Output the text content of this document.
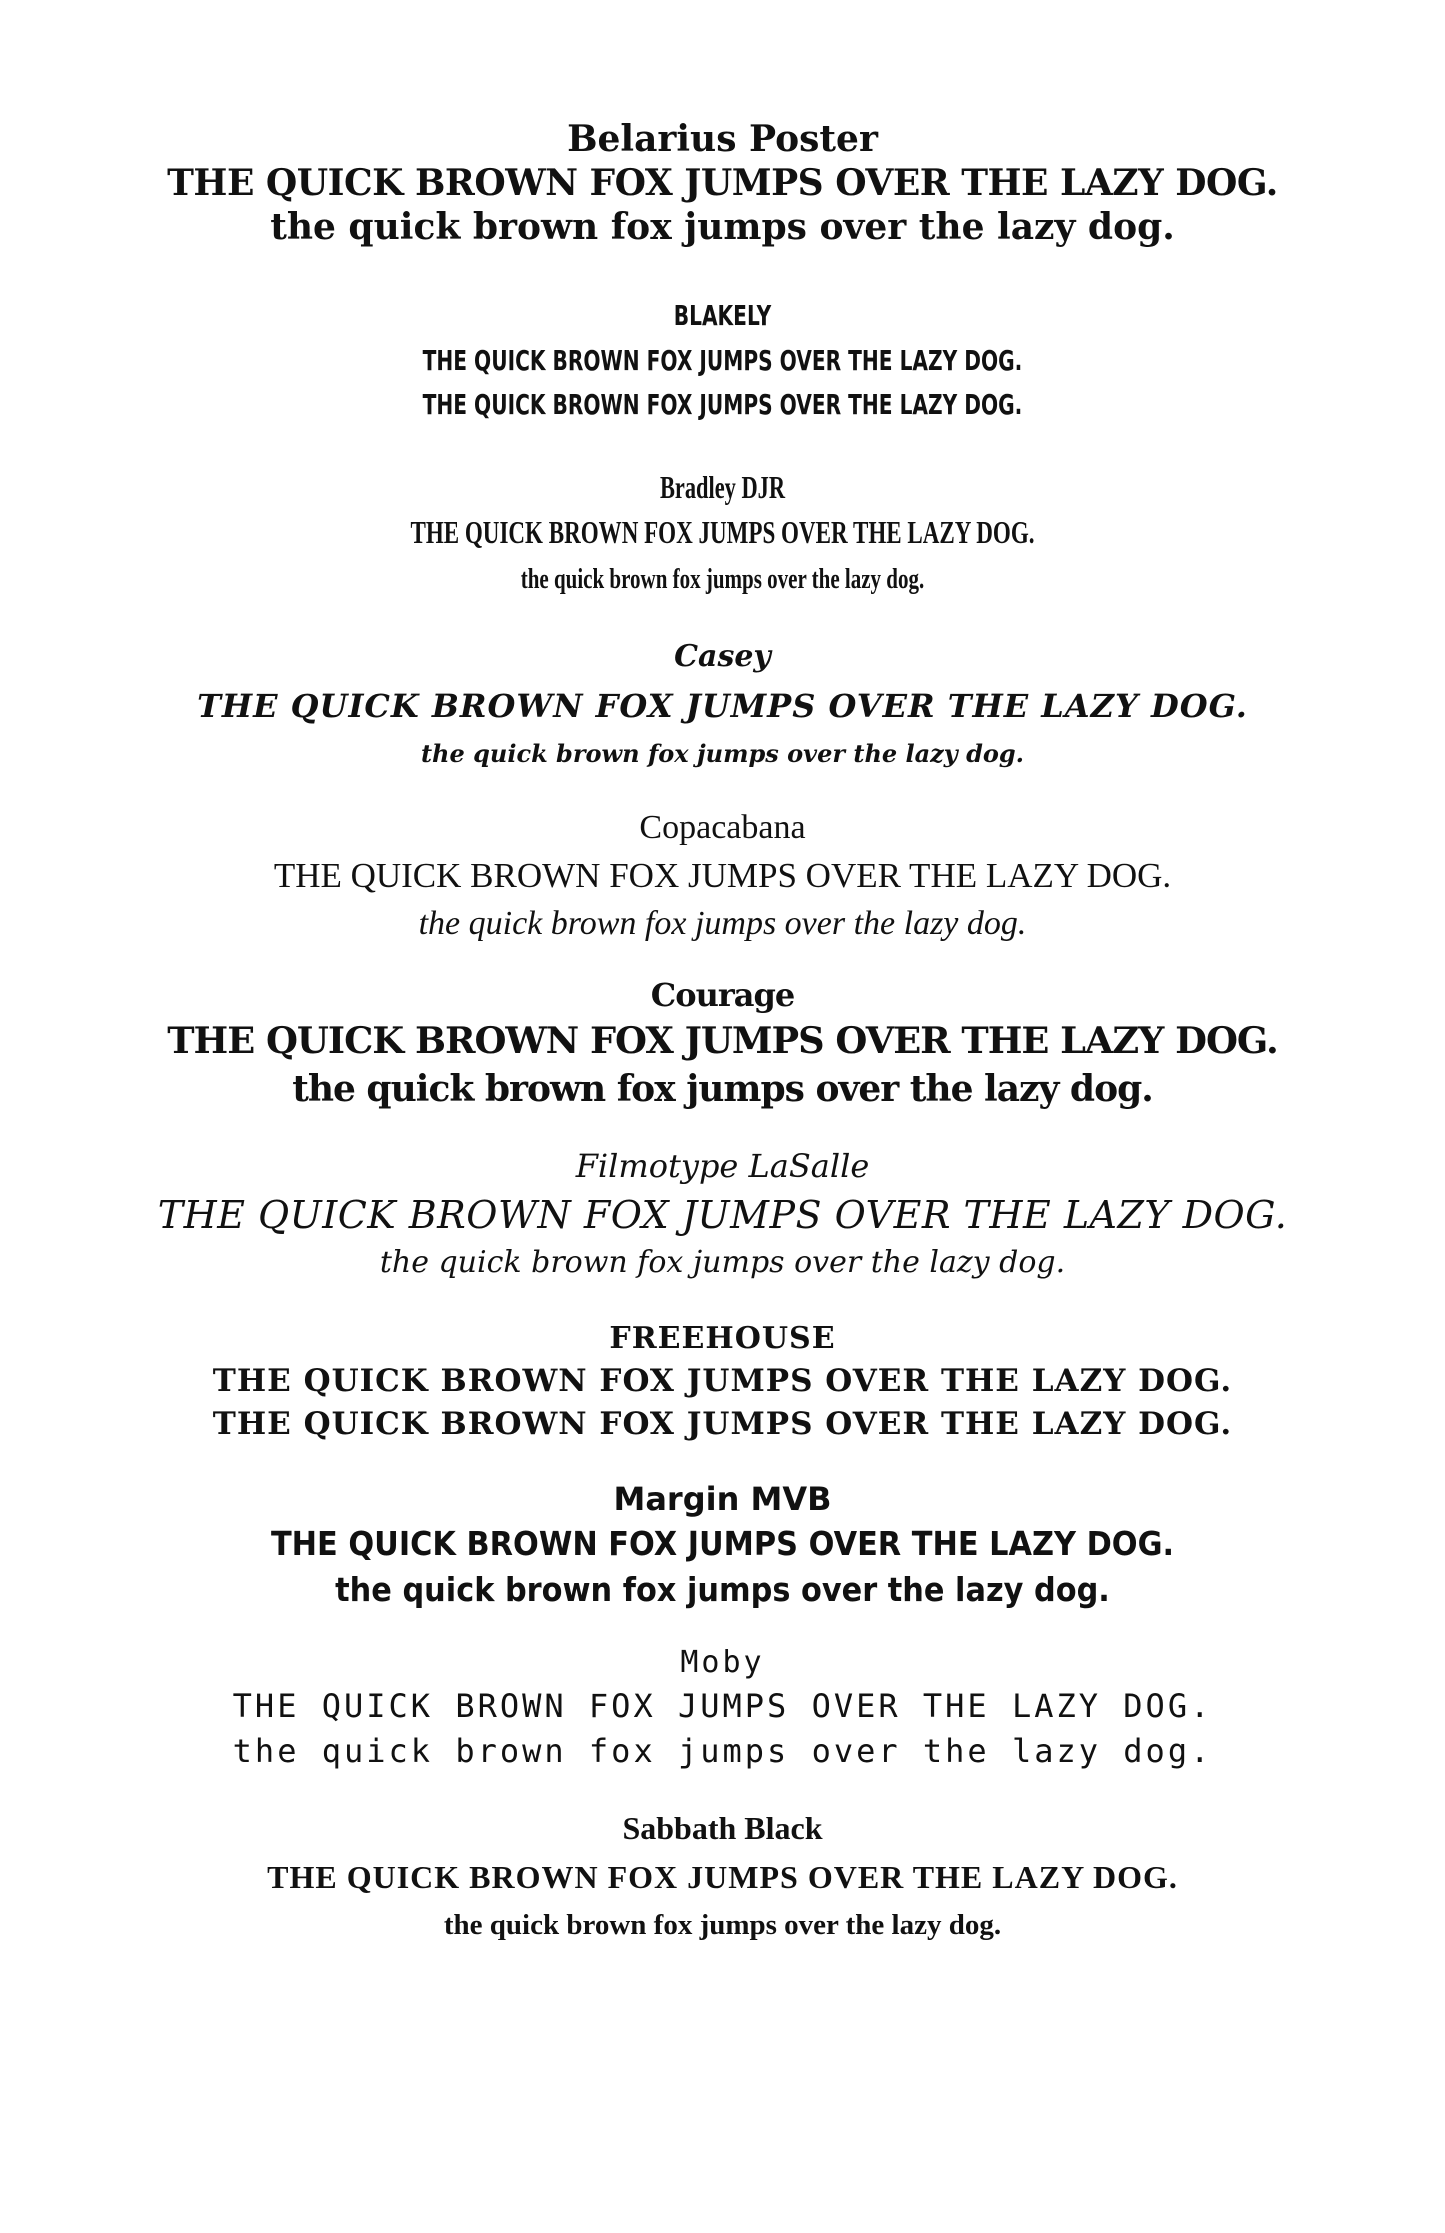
Belarius Poster
THE QUICK BROWN FOX JUMPS OVER THE LAZY DOG.
the quick brown fox jumps over the lazy dog.
BLAKELY
THE QUICK BROWN FOX JUMPS OVER THE LAZY DOG.
THE QUICK BROWN FOX JUMPS OVER THE LAZY DOG.
Bradley DJR
THE QUICK BROWN FOX JUMPS OVER THE LAZY DOG.
the quick brown fox jumps over the lazy dog.
Casey
THE QUICK BROWN FOX JUMPS OVER THE LAZY DOG.
the quick brown fox jumps over the lazy dog.
Copacabana
THE QUICK BROWN FOX JUMPS OVER THE LAZY DOG.
the quick brown fox jumps over the lazy dog.
Courage
THE QUICK BROWN FOX JUMPS OVER THE LAZY DOG.
the quick brown fox jumps over the lazy dog.
Filmotype LaSalle
THE QUICK BROWN FOX JUMPS OVER THE LAZY DOG.
the quick brown fox jumps over the lazy dog.
FREEHOUSE
THE QUICK BROWN FOX JUMPS OVER THE LAZY DOG.
THE QUICK BROWN FOX JUMPS OVER THE LAZY DOG.
Margin MVB
THE QUICK BROWN FOX JUMPS OVER THE LAZY DOG.
the quick brown fox jumps over the lazy dog.
Moby
THE QUICK BROWN FOX JUMPS OVER THE LAZY DOG.
the quick brown fox jumps over the lazy dog.
Sabbath Black
THE QUICK BROWN FOX JUMPS OVER THE LAZY DOG.
the quick brown fox jumps over the lazy dog.
